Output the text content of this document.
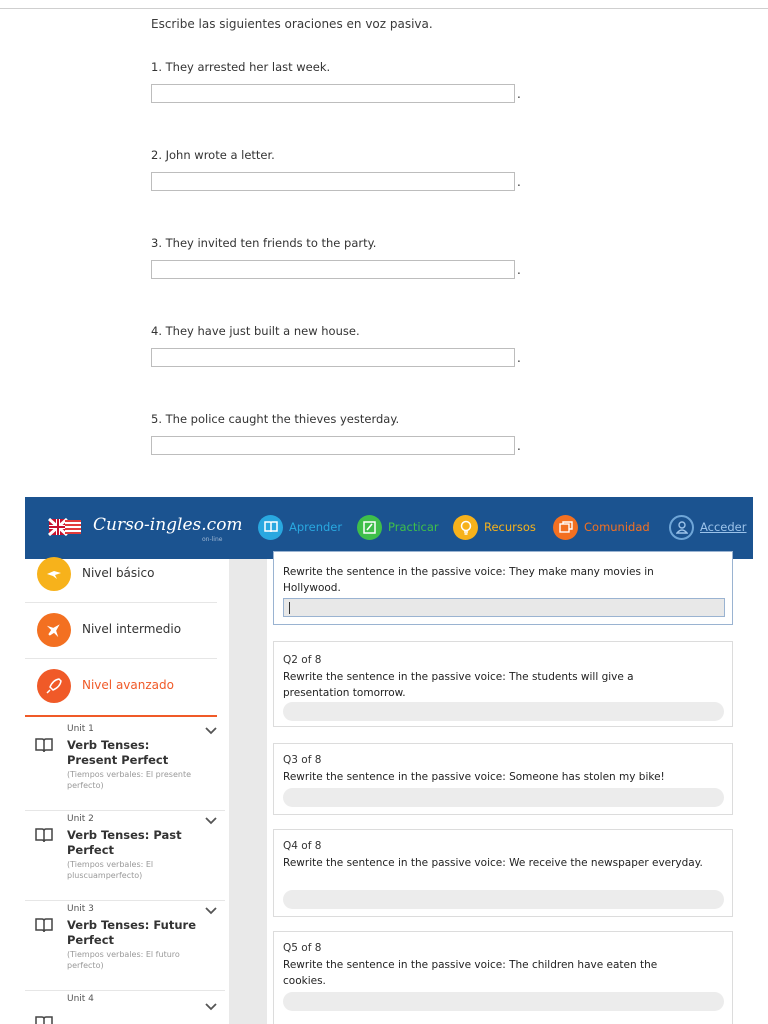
Escribe las siguientes oraciones en voz pasiva.
1. They arrested her last week.
.
2. John wrote a letter.
.
3. They invited ten friends to the party.
.
4. They have just built a new house.
.
5. The police caught the thieves yesterday.
.
Curso-ingles.com
on-line
Aprender	Practicar	Recursos	Comunidad	Acceder
Nivel básico
Nivel intermedio
Nivel avanzado
Unit 1
Verb Tenses: Present Perfect
(Tiempos verbales: El presente perfecto)
Unit 2
Verb Tenses: Past Perfect
(Tiempos verbales: El pluscuamperfecto)
Unit 3
Verb Tenses: Future Perfect
(Tiempos verbales: El futuro perfecto)
Unit 4
Rewrite the sentence in the passive voice: They make many movies in Hollywood.
Q2 of 8
Rewrite the sentence in the passive voice: The students will give a presentation tomorrow.
Q3 of 8
Rewrite the sentence in the passive voice: Someone has stolen my bike!
Q4 of 8
Rewrite the sentence in the passive voice: We receive the newspaper everyday.
Q5 of 8
Rewrite the sentence in the passive voice: The children have eaten the cookies.
